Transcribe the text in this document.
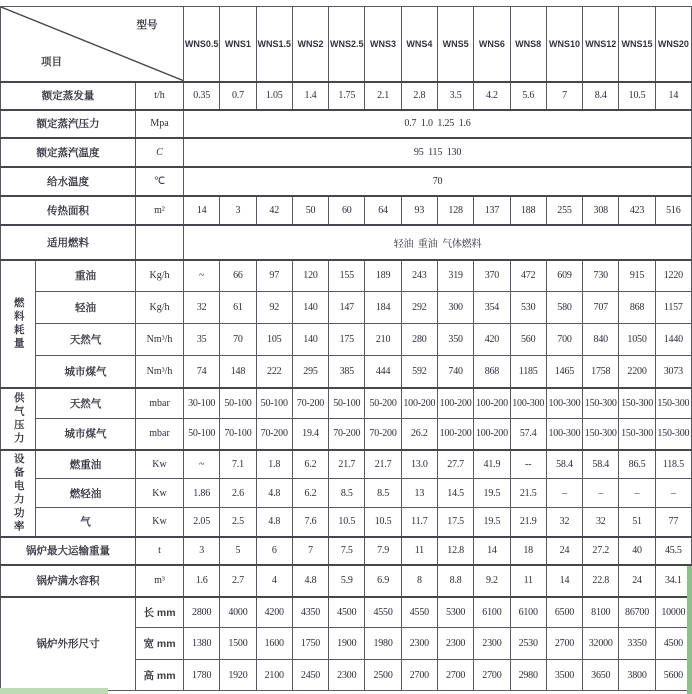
型号
项目			WNS0.5	WNS1	WNS1.5	WNS2	WNS2.5	WNS3	WNS4	WNS5	WNS6	WNS8	WNS10	WNS12	WNS15	WNS20
额定蒸发量		t/h	0.35	0.7	1.05	1.4	1.75	2.1	2.8	3.5	4.2	5.6	7	8.4	10.5	14
额定蒸汽压力		Mpa	0.7  1.0  1.25  1.6													
额定蒸汽温度		C	95  115  130													
给水温度		℃	70													
传热面积		m²	14	3	42	50	60	64	93	128	137	188	255	308	423	516
适用燃料			轻油  重油  气体燃料													

燃料耗量	重油	Kg/h	~	66	97	120	155	189	243	319	370	472	609	730	915	1220
	轻油	Kg/h	32	61	92	140	147	184	292	300	354	530	580	707	868	1157
	天然气	Nm³/h	35	70	105	140	175	210	280	350	420	560	700	840	1050	1440
	城市煤气	Nm³/h	74	148	222	295	385	444	592	740	868	1185	1465	1758	2200	3073

供气压力	天然气	mbar	30-100	50-100	50-100	70-200	50-100	50-200	100-200	100-200	100-200	100-300	100-300	150-300	150-300	150-300
	城市煤气	mbar	50-100	70-100	70-200	19.4	70-200	70-200	26.2	100-200	100-200	57.4	100-300	150-300	150-300	150-300

设备电力功率	燃重油	Kw	~	7.1	1.8	6.2	21.7	21.7	13.0	27.7	41.9	--	58.4	58.4	86.5	118.5
	燃轻油	Kw	1.86	2.6	4.8	6.2	8.5	8.5	13	14.5	19.5	21.5	–	–	–	–
	气	Kw	2.05	2.5	4.8	7.6	10.5	10.5	11.7	17.5	19.5	21.9	32	32	51	77
锅炉最大运输重量		t	3	5	6	7	7.5	7.9	11	12.8	14	18	24	27.2	40	45.5
锅炉满水容积		m³	1.6	2.7	4	4.8	5.9	6.9	8	8.8	9.2	11	14	22.8	24	34.1
锅炉外形尺寸		长 mm	2800	4000	4200	4350	4500	4550	4550	5300	6100	6100	6500	8100	86700	10000
		宽 mm	1380	1500	1600	1750	1900	1980	2300	2300	2300	2530	2700	32000	3350	4500
		高 mm	1780	1920	2100	2450	2300	2500	2700	2700	2700	2980	3500	3650	3800	5600
